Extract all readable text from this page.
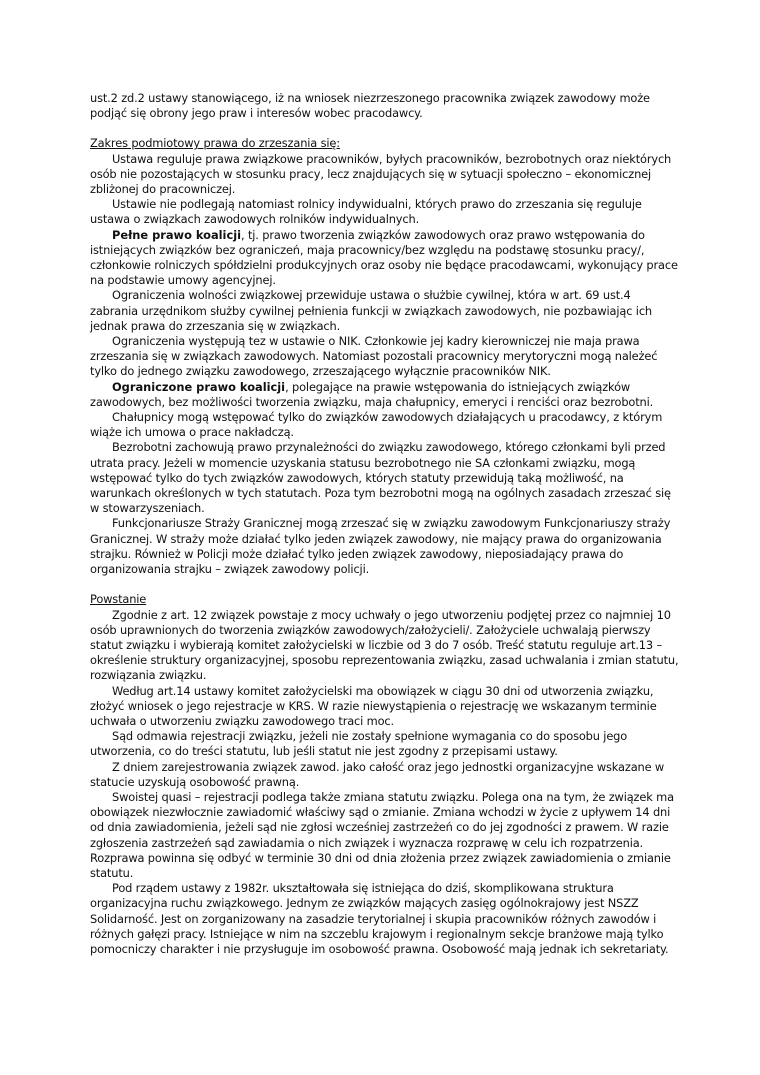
ust.2 zd.2 ustawy stanowiącego, iż na wniosek niezrzeszonego pracownika związek zawodowy może podjąć się obrony jego praw i interesów wobec pracodawcy.

Zakres podmiotowy prawa do zrzeszania się:

Ustawa reguluje prawa związkowe pracowników, byłych pracowników, bezrobotnych oraz niektórych osób nie pozostających w stosunku pracy, lecz znajdujących się w sytuacji społeczno – ekonomicznej zbliżonej do pracowniczej.

Ustawie nie podlegają natomiast rolnicy indywidualni, których prawo do zrzeszania się reguluje ustawa o związkach zawodowych rolników indywidualnych.

Pełne prawo koalicji, tj. prawo tworzenia związków zawodowych oraz prawo wstępowania do istniejących związków bez ograniczeń, maja pracownicy/bez względu na podstawę stosunku pracy/, członkowie rolniczych spółdzielni produkcyjnych oraz osoby nie będące pracodawcami, wykonujący prace na podstawie umowy agencyjnej.

Ograniczenia wolności związkowej przewiduje ustawa o służbie cywilnej, która w art. 69 ust.4 zabrania urzędnikom służby cywilnej pełnienia funkcji w związkach zawodowych, nie pozbawiając ich jednak prawa do zrzeszania się w związkach.

Ograniczenia występują tez w ustawie o NIK. Członkowie jej kadry kierowniczej nie maja prawa zrzeszania się w związkach zawodowych. Natomiast pozostali pracownicy merytoryczni mogą należeć tylko do jednego związku zawodowego, zrzeszającego wyłącznie pracowników NIK.

Ograniczone prawo koalicji, polegające na prawie wstępowania do istniejących związków zawodowych, bez możliwości tworzenia związku, maja chałupnicy, emeryci i renciści oraz bezrobotni.

Chałupnicy mogą wstępować tylko do związków zawodowych działających u pracodawcy, z którym wiąże ich umowa o prace nakładczą.

Bezrobotni zachowują prawo przynależności do związku zawodowego, którego członkami byli przed utrata pracy. Jeżeli w momencie uzyskania statusu bezrobotnego nie SA członkami związku, mogą wstępować tylko do tych związków zawodowych, których statuty przewidują taką możliwość, na warunkach określonych w tych statutach. Poza tym bezrobotni mogą na ogólnych zasadach zrzeszać się w stowarzyszeniach.

Funkcjonariusze Straży Granicznej mogą zrzeszać się w związku zawodowym Funkcjonariuszy straży Granicznej. W straży może działać tylko jeden związek zawodowy, nie mający prawa do organizowania strajku. Również w Policji może działać tylko jeden związek zawodowy, nieposiadający prawa do organizowania strajku – związek zawodowy policji.

Powstanie

Zgodnie z art. 12 związek powstaje z mocy uchwały o jego utworzeniu podjętej przez co najmniej 10 osób uprawnionych do tworzenia związków zawodowych/założycieli/. Założyciele uchwalają pierwszy statut związku i wybierają komitet założycielski w liczbie od 3 do 7 osób. Treść statutu reguluje art.13 – określenie struktury organizacyjnej, sposobu reprezentowania związku, zasad uchwalania i zmian statutu, rozwiązania związku.

Według art.14 ustawy komitet założycielski ma obowiązek w ciągu 30 dni od utworzenia związku, złożyć wniosek o jego rejestracje w KRS. W razie niewystąpienia o rejestrację we wskazanym terminie uchwała o utworzeniu związku zawodowego traci moc.

Sąd odmawia rejestracji związku, jeżeli nie zostały spełnione wymagania co do sposobu jego utworzenia, co do treści statutu, lub jeśli statut nie jest zgodny z przepisami ustawy.

Z dniem zarejestrowania związek zawod. jako całość oraz jego jednostki organizacyjne wskazane w statucie uzyskują osobowość prawną.

Swoistej quasi – rejestracji podlega także zmiana statutu związku. Polega ona na tym, że związek ma obowiązek niezwłocznie zawiadomić właściwy sąd o zmianie. Zmiana wchodzi w życie z upływem 14 dni od dnia zawiadomienia, jeżeli sąd nie zgłosi wcześniej zastrzeżeń co do jej zgodności z prawem. W razie zgłoszenia zastrzeżeń sąd zawiadamia o nich związek i wyznacza rozprawę w celu ich rozpatrzenia. Rozprawa powinna się odbyć w terminie 30 dni od dnia złożenia przez związek zawiadomienia o zmianie statutu.

Pod rządem ustawy z 1982r. ukształtowała się istniejąca do dziś, skomplikowana struktura organizacyjna ruchu związkowego. Jednym ze związków mających zasięg ogólnokrajowy jest NSZZ Solidarność. Jest on zorganizowany na zasadzie terytorialnej i skupia pracowników różnych zawodów i różnych gałęzi pracy. Istniejące w nim na szczeblu krajowym i regionalnym sekcje branżowe mają tylko pomocniczy charakter i nie przysługuje im osobowość prawna. Osobowość mają jednak ich sekretariaty.
